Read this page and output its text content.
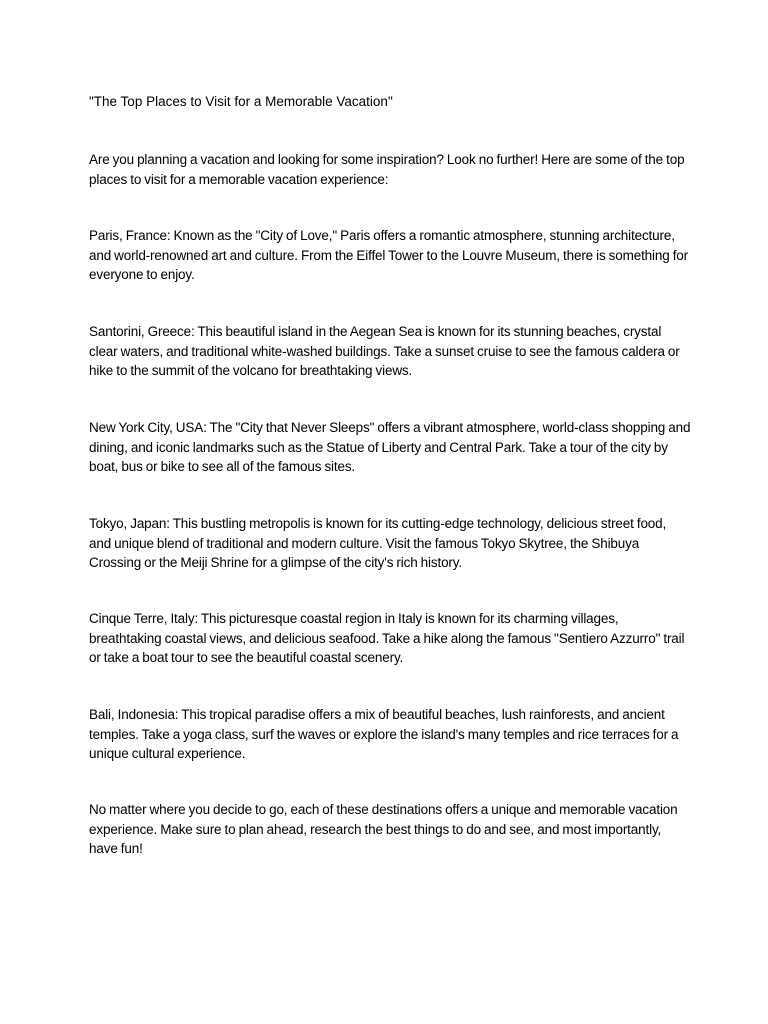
"The Top Places to Visit for a Memorable Vacation"

Are you planning a vacation and looking for some inspiration? Look no further! Here are some of the top places to visit for a memorable vacation experience:

Paris, France: Known as the "City of Love," Paris offers a romantic atmosphere, stunning architecture, and world-renowned art and culture. From the Eiffel Tower to the Louvre Museum, there is something for everyone to enjoy.

Santorini, Greece: This beautiful island in the Aegean Sea is known for its stunning beaches, crystal clear waters, and traditional white-washed buildings. Take a sunset cruise to see the famous caldera or hike to the summit of the volcano for breathtaking views.

New York City, USA: The "City that Never Sleeps" offers a vibrant atmosphere, world-class shopping and dining, and iconic landmarks such as the Statue of Liberty and Central Park. Take a tour of the city by boat, bus or bike to see all of the famous sites.

Tokyo, Japan: This bustling metropolis is known for its cutting-edge technology, delicious street food, and unique blend of traditional and modern culture. Visit the famous Tokyo Skytree, the Shibuya Crossing or the Meiji Shrine for a glimpse of the city's rich history.

Cinque Terre, Italy: This picturesque coastal region in Italy is known for its charming villages, breathtaking coastal views, and delicious seafood. Take a hike along the famous "Sentiero Azzurro" trail or take a boat tour to see the beautiful coastal scenery.

Bali, Indonesia: This tropical paradise offers a mix of beautiful beaches, lush rainforests, and ancient temples. Take a yoga class, surf the waves or explore the island's many temples and rice terraces for a unique cultural experience.

No matter where you decide to go, each of these destinations offers a unique and memorable vacation experience. Make sure to plan ahead, research the best things to do and see, and most importantly, have fun!
